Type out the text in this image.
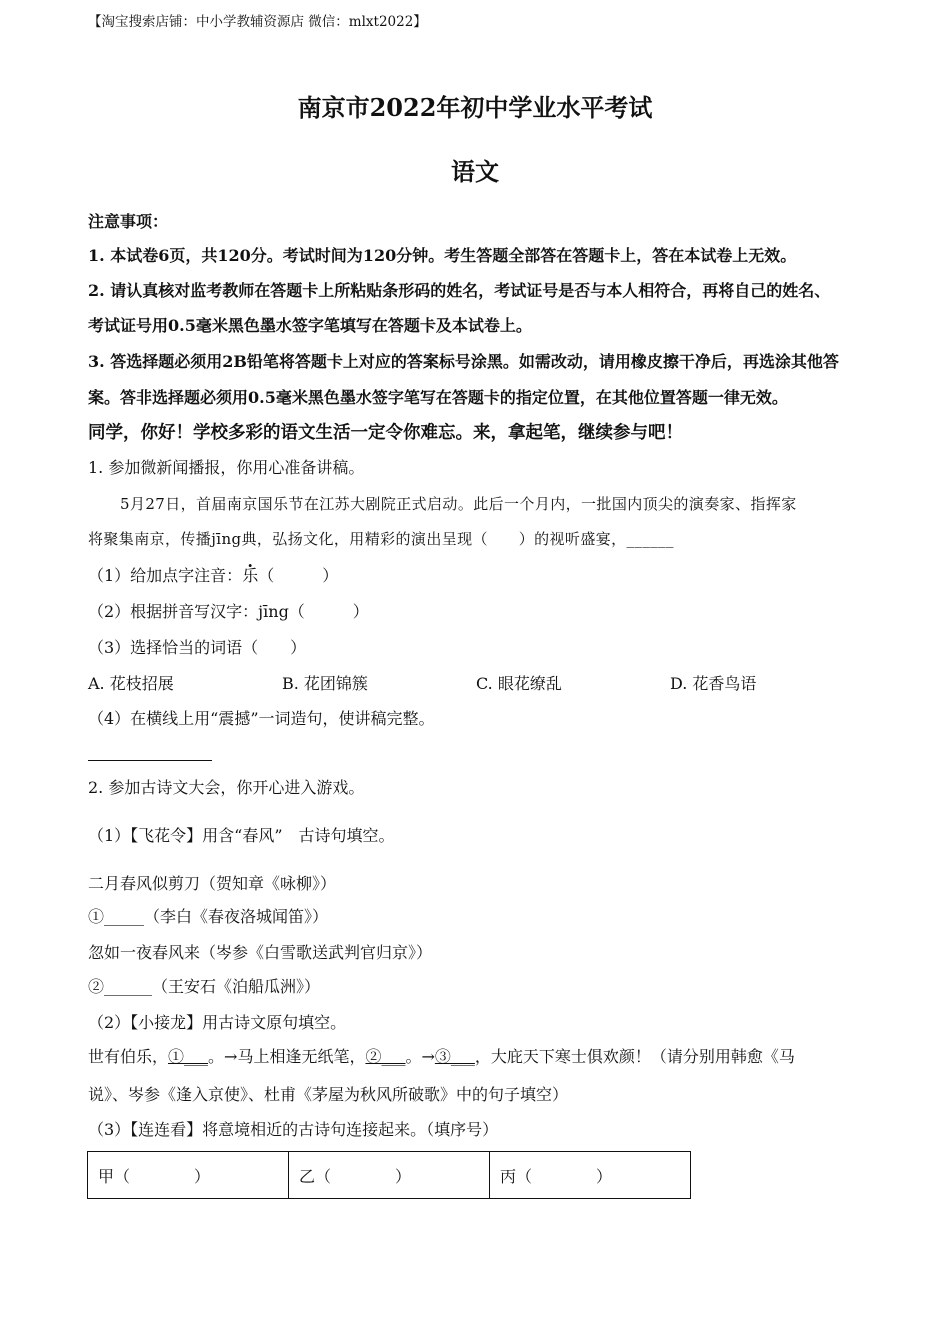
【淘宝搜索店铺：中小学教辅资源店 微信：mlxt2022】
南京市2022年初中学业水平考试
语文
注意事项：
1. 本试卷6页，共120分。考试时间为120分钟。考生答题全部答在答题卡上，答在本试卷上无效。
2. 请认真核对监考教师在答题卡上所粘贴条形码的姓名，考试证号是否与本人相符合，再将自己的姓名、
考试证号用0.5毫米黑色墨水签字笔填写在答题卡及本试卷上。
3. 答选择题必须用2B铅笔将答题卡上对应的答案标号涂黑。如需改动，请用橡皮擦干净后，再选涂其他答
案。答非选择题必须用0.5毫米黑色墨水签字笔写在答题卡的指定位置，在其他位置答题一律无效。
同学，你好！学校多彩的语文生活一定令你难忘。来，拿起笔，继续参与吧！
1. 参加微新闻播报，你用心准备讲稿。
5月27日，首届南京国乐节在江苏大剧院正式启动。此后一个月内，一批国内顶尖的演奏家、指挥家
将聚集南京，传播jīng典，弘扬文化，用精彩的演出呈现（　　）的视听盛宴，______
（1）给加点字注音：乐（　　　）
（2）根据拼音写汉字：jīng（　　　）
（3）选择恰当的词语（　　）
A. 花枝招展	B. 花团锦簇	C. 眼花缭乱	D. 花香鸟语
（4）在横线上用“震撼”一词造句，使讲稿完整。
2. 参加古诗文大会，你开心进入游戏。
（1）【飞花令】用含“春风”　古诗句填空。
二月春风似剪刀（贺知章《咏柳》）
①_____（李白《春夜洛城闻笛》）
忽如一夜春风来（岑参《白雪歌送武判官归京》）
②______（王安石《泊船瓜洲》）
（2）【小接龙】用古诗文原句填空。
世有伯乐，①___。→马上相逢无纸笔，②___。→③___，大庇天下寒士俱欢颜！（请分别用韩愈《马
说》、岑参《逢入京使》、杜甫《茅屋为秋风所破歌》中的句子填空）
（3）【连连看】将意境相近的古诗句连接起来。（填序号）
甲（　　　　）	乙（　　　　）	丙（　　　　）
